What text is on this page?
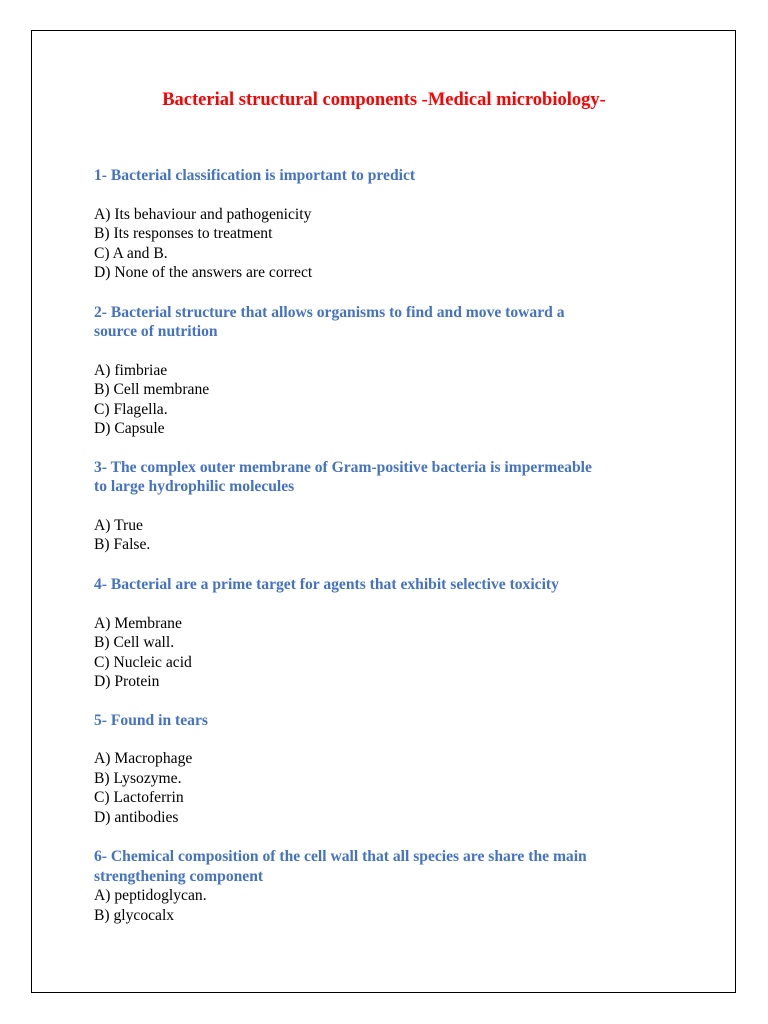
Bacterial structural components -Medical microbiology-

1- Bacterial classification is important to predict

A) Its behaviour and pathogenicity
B) Its responses to treatment
C) A and B.
D) None of the answers are correct

2- Bacterial structure that allows organisms to find and move toward a

source of nutrition

A) fimbriae
B) Cell membrane
C) Flagella.
D) Capsule

3- The complex outer membrane of Gram-positive bacteria is impermeable

to large hydrophilic molecules

A) True
B) False.

4- Bacterial are a prime target for agents that exhibit selective toxicity

A) Membrane
B) Cell wall.
C) Nucleic acid
D) Protein

5- Found in tears

A) Macrophage
B) Lysozyme.
C) Lactoferrin
D) antibodies

6- Chemical composition of the cell wall that all species are share the main

strengthening component

A) peptidoglycan.
B) glycocalx
